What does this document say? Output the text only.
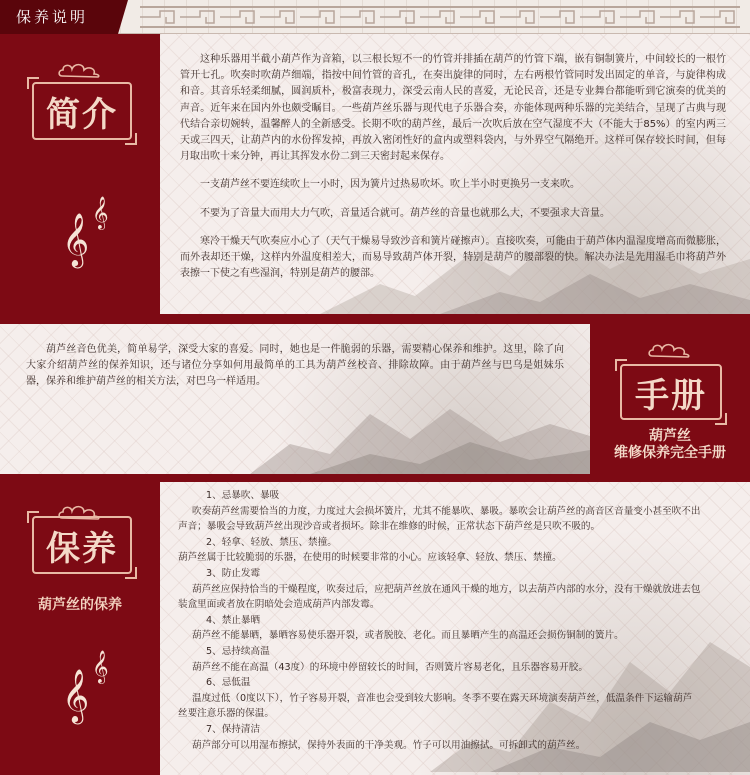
保养说明
简介
𝄞 𝄞

这种乐器用半截小葫芦作为音箱，以三根长短不一的竹管并排插在葫芦的竹管下端，嵌有铜制簧片，中间较长的一根竹管开七孔。吹奏时吹葫芦细端，指按中间竹管的音孔，在奏出旋律的同时，左右两根竹管同时发出固定的单音，与旋律构成和音。其音乐轻柔细腻，圆润质朴，极富表现力，深受云南人民的喜爱，无论民音，还是专业舞台都能听到它演奏的优美的声音。近年来在国内外也颇受瞩目。一些葫芦丝乐器与现代电子乐器合奏，亦能体现两种乐器的完美结合，呈现了古典与现代结合亲切婉转，温馨醉人的全新感受。长期不吹的葫芦丝，最后一次吹后放在空气湿度不大（不能大于85%）的室内两三天或三四天，让葫芦内的水份挥发掉，再放入密闭性好的盒内或塑料袋内，与外界空气隔绝开。这样可保存较长时间，但每月取出吹十来分钟，再让其挥发水份二到三天密封起来保存。

一支葫芦丝不要连续吹上一小时，因为簧片过热易吹坏。吹上半小时更换另一支来吹。

不要为了音量大而用大力气吹，音量适合就可。葫芦丝的音量也就那么大，不要强求大音量。

寒冷干燥天气吹奏应小心了（天气干燥易导致沙音和簧片碰擦声）。直接吹奏，可能由于葫芦体内温湿度增高而微膨胀，而外表却还干燥，这样内外温度相差大，而易导致葫芦体开裂，特别是葫芦的腰部裂的快。解决办法是先用湿毛巾将葫芦外表擦一下使之有些湿润，特别是葫芦的腰部。

葫芦丝音色优美，简单易学，深受大家的喜爱。同时，她也是一件脆弱的乐器，需要精心保养和维护。这里，除了向大家介绍葫芦丝的保养知识，还与诸位分享如何用最简单的工具为葫芦丝校音、排除故障。由于葫芦丝与巴乌是姐妹乐器，保养和维护葫芦丝的相关方法，对巴乌一样适用。	手册
葫芦丝
维修保养完全手册
保养
葫芦丝的保养
𝄞
𝄞
1、忌暴吹、暴吸
吹奏葫芦丝需要恰当的力度，力度过大会损坏簧片，尤其不能暴吹、暴吸。暴吹会让葫芦丝的高音区音量变小甚至吹不出
声音；暴吸会导致葫芦丝出现沙音或者损坏。除非在维修的时候，正常状态下葫芦丝是只吹不吸的。
2、轻拿、轻放、禁压、禁撞。
葫芦丝属于比较脆弱的乐器，在使用的时候要非常的小心。应该轻拿、轻放、禁压、禁撞。
3、防止发霉
葫芦丝应保持恰当的干燥程度，吹奏过后，应把葫芦丝放在通风干燥的地方，以去葫芦内部的水分，没有干燥就放进去包
装盒里面或者放在阴暗处会造成葫芦内部发霉。
4、禁止暴晒
葫芦丝不能暴晒，暴晒容易使乐器开裂，或者脱胶、老化。而且暴晒产生的高温还会损伤铜制的簧片。
5、忌持续高温
葫芦丝不能在高温（43度）的环境中停留较长的时间，否则簧片容易老化，且乐器容易开胶。
6、忌低温
温度过低（0度以下），竹子容易开裂，音准也会受到较大影响。冬季不要在露天环境演奏葫芦丝，低温条件下运输葫芦
丝要注意乐器的保温。
7、保持清洁
葫芦部分可以用湿布擦拭，保持外表面的干净美观。竹子可以用油擦拭。可拆卸式的葫芦丝。
